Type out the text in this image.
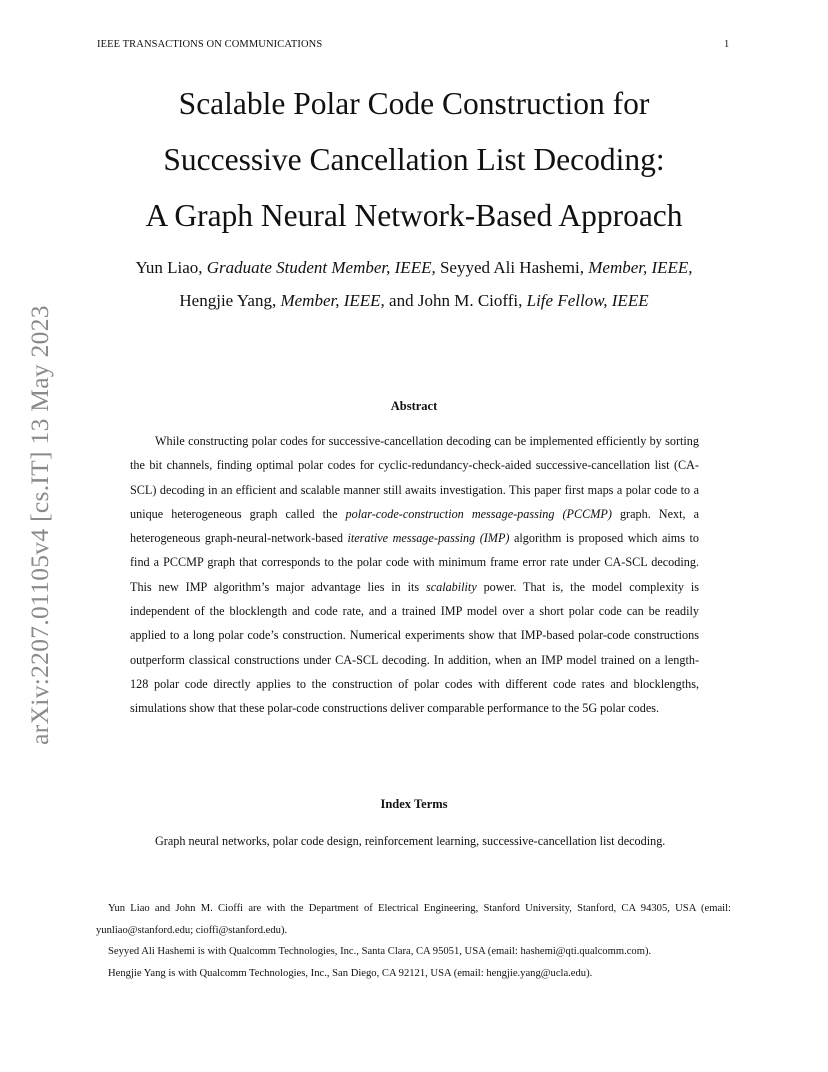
IEEE TRANSACTIONS ON COMMUNICATIONS	1
arXiv:2207.01105v4 [cs.IT] 13 May 2023
Scalable Polar Code Construction for
Successive Cancellation List Decoding:
A Graph Neural Network-Based Approach
Yun Liao, Graduate Student Member, IEEE, Seyyed Ali Hashemi, Member, IEEE,
Hengjie Yang, Member, IEEE, and John M. Cioffi, Life Fellow, IEEE
Abstract
While constructing polar codes for successive-cancellation decoding can be implemented efficiently by sorting the bit channels, finding optimal polar codes for cyclic-redundancy-check-aided successive-cancellation list (CA-SCL) decoding in an efficient and scalable manner still awaits investigation. This paper first maps a polar code to a unique heterogeneous graph called the polar-code-construction message-passing (PCCMP) graph. Next, a heterogeneous graph-neural-network-based iterative message-passing (IMP) algorithm is proposed which aims to find a PCCMP graph that corresponds to the polar code with minimum frame error rate under CA-SCL decoding. This new IMP algorithm’s major advantage lies in its scalability power. That is, the model complexity is independent of the blocklength and code rate, and a trained IMP model over a short polar code can be readily applied to a long polar code’s construction. Numerical experiments show that IMP-based polar-code constructions outperform classical constructions under CA-SCL decoding. In addition, when an IMP model trained on a length-128 polar code directly applies to the construction of polar codes with different code rates and blocklengths, simulations show that these polar-code constructions deliver comparable performance to the 5G polar codes.
Index Terms
Graph neural networks, polar code design, reinforcement learning, successive-cancellation list decoding.

Yun Liao and John M. Cioffi are with the Department of Electrical Engineering, Stanford University, Stanford, CA 94305, USA (email: yunliao@stanford.edu; cioffi@stanford.edu).

Seyyed Ali Hashemi is with Qualcomm Technologies, Inc., Santa Clara, CA 95051, USA (email: hashemi@qti.qualcomm.com).

Hengjie Yang is with Qualcomm Technologies, Inc., San Diego, CA 92121, USA (email: hengjie.yang@ucla.edu).
